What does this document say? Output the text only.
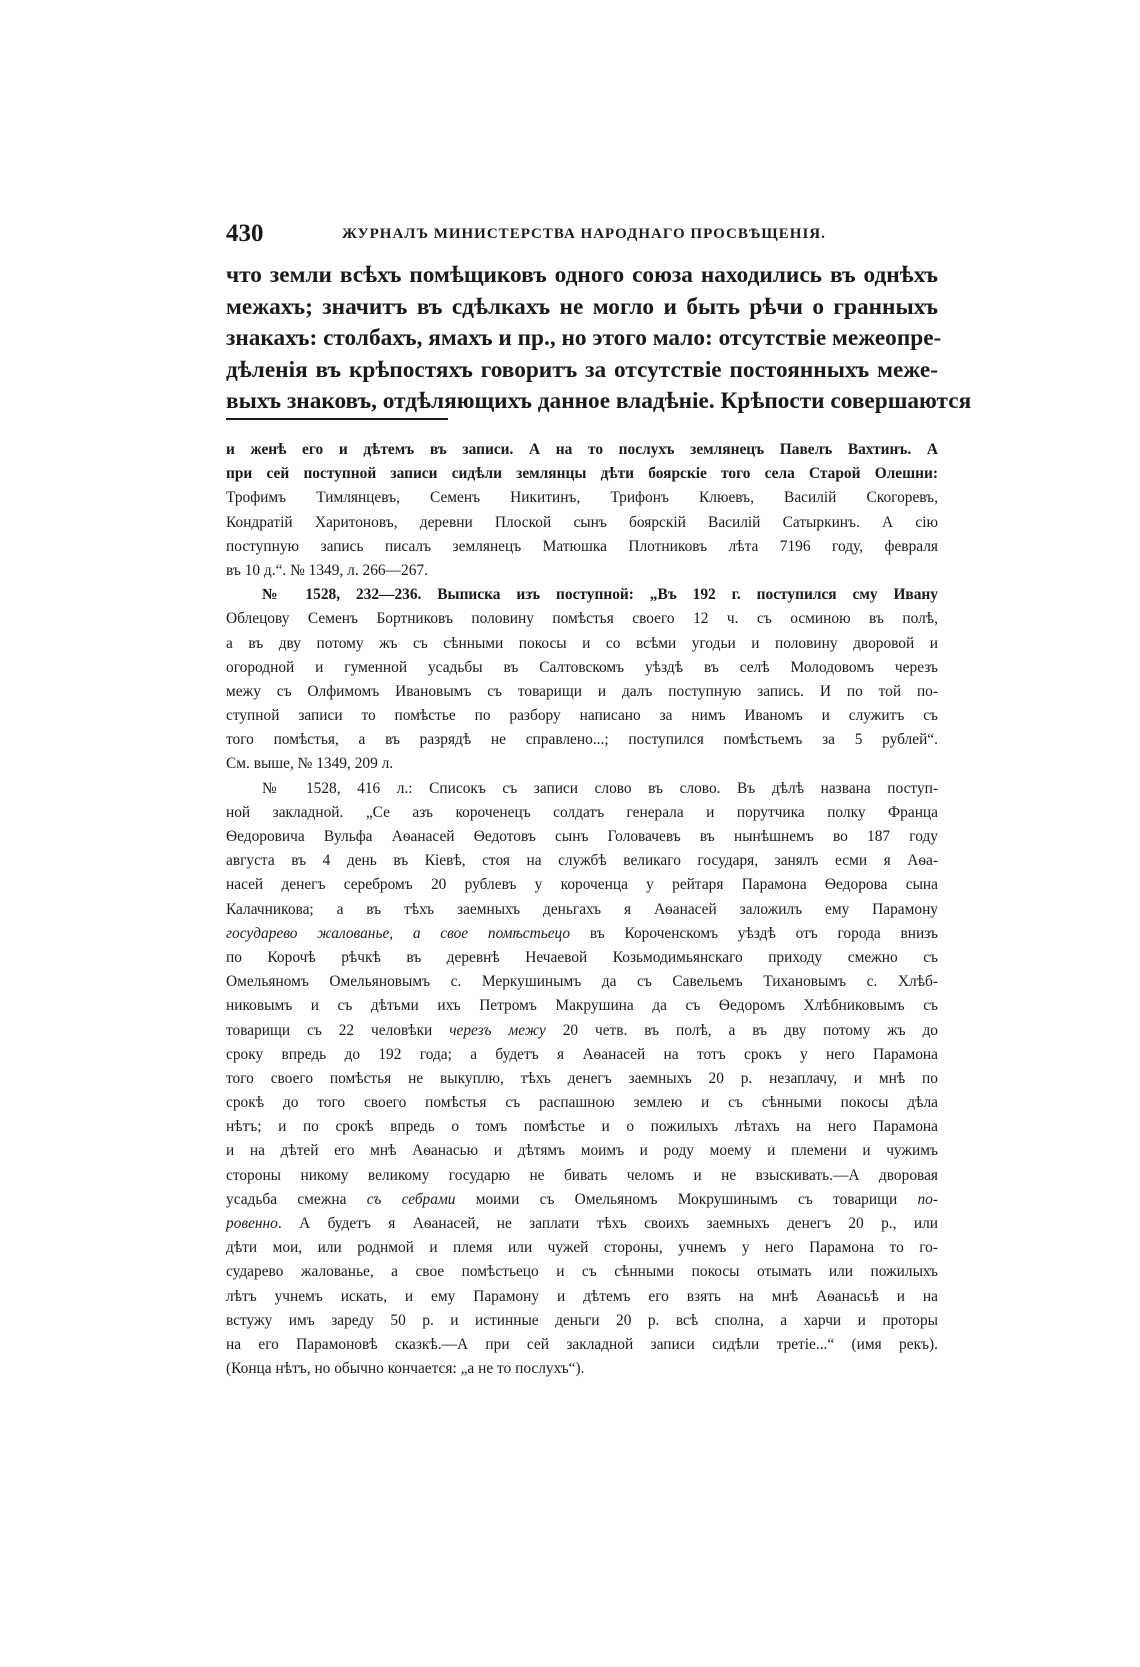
430	ЖУРНАЛЪ МИНИСТЕРСТВА НАРОДНАГО ПРОСВѢЩЕНІЯ.
что земли всѣхъ помѣщиковъ одного союза находились въ однѣхъ
межахъ; значитъ въ сдѣлкахъ не могло и быть рѣчи о гранныхъ
знакахъ: столбахъ, ямахъ и пр., но этого мало: отсутствіе межеопре-
дѣленія въ крѣпостяхъ говоритъ за отсутствіе постоянныхъ меже-
выхъ знаковъ, отдѣляющихъ данное владѣніе. Крѣпости совершаются
и женѣ его и дѣтемъ въ записи. А на то послухъ землянецъ Павелъ Вахтинъ. А
при сей поступной записи сидѣли землянцы дѣти боярскіе того села Старой Олешни:
Трофимъ Тимлянцевъ, Семенъ Никитинъ, Трифонъ Клюевъ, Василій Скогоревъ,
Кондратій Харитоновъ, деревни Плоской сынъ боярскій Василій Сатыркинъ. А сію
поступную запись писалъ землянецъ Матюшка Плотниковъ лѣта 7196 году, февраля
въ 10 д.“. № 1349, л. 266—267.
№ 1528, 232—236. Выписка изъ поступной: „Въ 192 г. поступился сму Ивану
Облецову Семенъ Бортниковъ половину помѣстья своего 12 ч. съ осминою въ полѣ,
а въ дву потому жъ съ сѣнными покосы и со всѣми угодьи и половину дворовой и
огородной и гуменной усадьбы въ Салтовскомъ уѣздѣ въ селѣ Молодовомъ черезъ
межу съ Олфимомъ Ивановымъ съ товарищи и далъ поступную запись. И по той по-
ступной записи то помѣстье по разбору написано за нимъ Иваномъ и служитъ съ
того помѣстья, а въ разрядѣ не справлено...; поступился помѣстьемъ за 5 рублей“.
См. выше, № 1349, 209 л.
№ 1528, 416 л.: Списокъ съ записи слово въ слово. Въ дѣлѣ названа поступ-
ной закладной. „Се азъ короченецъ солдатъ генерала и порутчика полку Франца
Ѳедоровича Вульфа Аѳанасей Ѳедотовъ сынъ Головачевъ въ нынѣшнемъ во 187 году
августа въ 4 день въ Кіевѣ, стоя на службѣ великаго государя, занялъ есми я Аѳа-
насей денегъ серебромъ 20 рублевъ у короченца у рейтаря Парамона Ѳедорова сына
Калачникова; а въ тѣхъ заемныхъ деньгахъ я Аѳанасей заложилъ ему Парамону
государево жалованье, а свое помѣстьецо въ Короченскомъ уѣздѣ отъ города внизъ
по Корочѣ рѣчкѣ въ деревнѣ Нечаевой Козьмодимьянскаго приходу смежно съ
Омельяномъ Омельяновымъ с. Меркушинымъ да съ Савельемъ Тихановымъ с. Хлѣб-
никовымъ и съ дѣтьми ихъ Петромъ Макрушина да съ Ѳедоромъ Хлѣбниковымъ съ
товарищи съ 22 человѣки черезъ межу 20 четв. въ полѣ, а въ дву потому жъ до
сроку впредь до 192 года; а будетъ я Аѳанасей на тотъ срокъ у него Парамона
того своего помѣстья не выкуплю, тѣхъ денегъ заемныхъ 20 р. незаплачу, и мнѣ по
срокѣ до того своего помѣстья съ распашною землею и съ сѣнными покосы дѣла
нѣтъ; и по срокѣ впредь о томъ помѣстье и о пожилыхъ лѣтахъ на него Парамона
и на дѣтей его мнѣ Аѳанасью и дѣтямъ моимъ и роду моему и племени и чужимъ
стороны никому великому государю не бивать челомъ и не взыскивать.—А дворовая
усадьба смежна съ себрами моими съ Омельяномъ Мокрушинымъ съ товарищи по-
ровенно. А будетъ я Аѳанасей, не заплати тѣхъ своихъ заемныхъ денегъ 20 р., или
дѣти мои, или роднмой и племя или чужей стороны, учнемъ у него Парамона то го-
сударево жалованье, а свое помѣстьецо и съ сѣнными покосы отымать или пожилыхъ
лѣтъ учнемъ искать, и ему Парамону и дѣтемъ его взять на мнѣ Аѳанасьѣ и на
встужу имъ зареду 50 р. и истинные деньги 20 р. всѣ сполна, а харчи и проторы
на его Парамоновѣ сказкѣ.—А при сей закладной записи сидѣли третіе...“ (имя рекъ).
(Конца нѣтъ, но обычно кончается: „а не то послухъ“).
